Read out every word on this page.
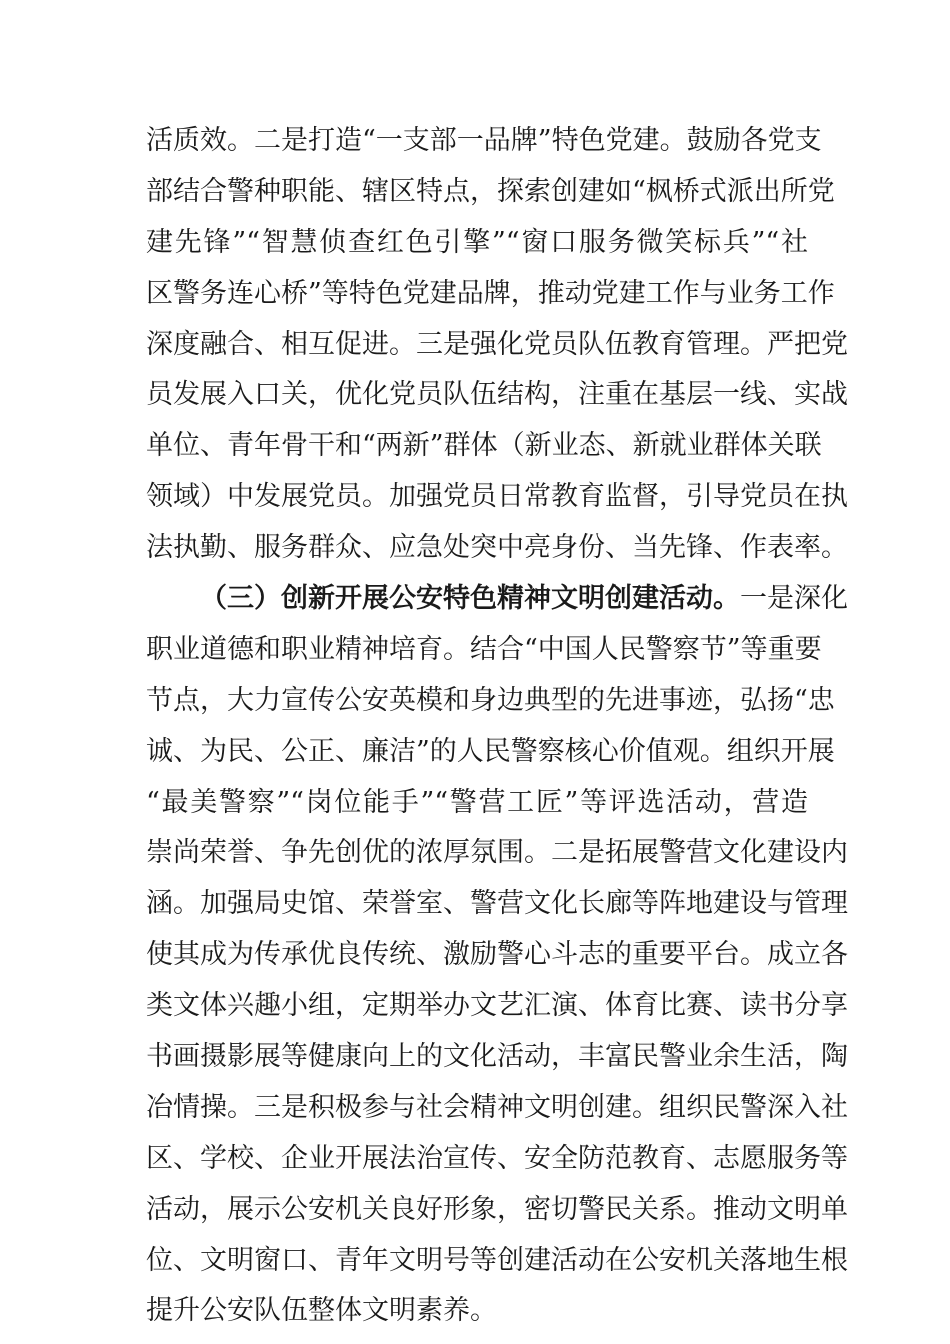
活质效。二是打造“一支部一品牌”特色党建。鼓励各党支
部结合警种职能、辖区特点，探索创建如“枫桥式派出所党
建先锋”“智慧侦查红色引擎”“窗口服务微笑标兵”“社
区警务连心桥”等特色党建品牌，推动党建工作与业务工作
深度融合、相互促进。三是强化党员队伍教育管理。严把党
员发展入口关，优化党员队伍结构，注重在基层一线、实战
单位、青年骨干和“两新”群体（新业态、新就业群体关联
领域）中发展党员。加强党员日常教育监督，引导党员在执
法执勤、服务群众、应急处突中亮身份、当先锋、作表率。
（三）创新开展公安特色精神文明创建活动。一是深化
职业道德和职业精神培育。结合“中国人民警察节”等重要
节点，大力宣传公安英模和身边典型的先进事迹，弘扬“忠
诚、为民、公正、廉洁”的人民警察核心价值观。组织开展
“最美警察”“岗位能手”“警营工匠”等评选活动，营造
崇尚荣誉、争先创优的浓厚氛围。二是拓展警营文化建设内
涵。加强局史馆、荣誉室、警营文化长廊等阵地建设与管理
使其成为传承优良传统、激励警心斗志的重要平台。成立各
类文体兴趣小组，定期举办文艺汇演、体育比赛、读书分享
书画摄影展等健康向上的文化活动，丰富民警业余生活，陶
冶情操。三是积极参与社会精神文明创建。组织民警深入社
区、学校、企业开展法治宣传、安全防范教育、志愿服务等
活动，展示公安机关良好形象，密切警民关系。推动文明单
位、文明窗口、青年文明号等创建活动在公安机关落地生根
提升公安队伍整体文明素养。
